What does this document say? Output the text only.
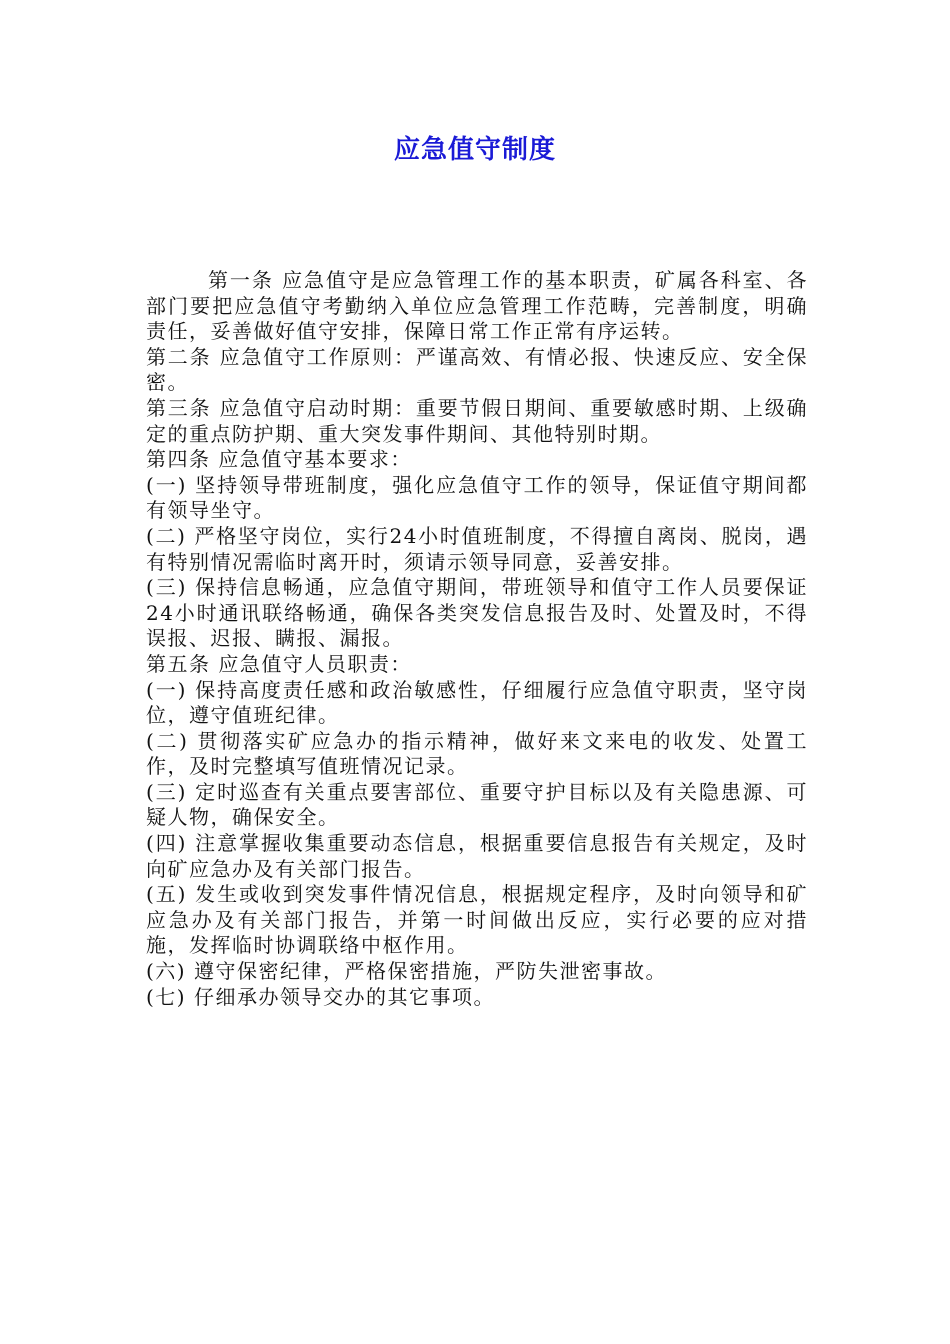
应急值守制度

第一条 应急值守是应急管理工作的基本职责，矿属各科室、各部门要把应急值守考勤纳入单位应急管理工作范畴，完善制度，明确责任，妥善做好值守安排，保障日常工作正常有序运转。

第二条 应急值守工作原则：严谨高效、有情必报、快速反应、安全保密。

第三条 应急值守启动时期：重要节假日期间、重要敏感时期、上级确定的重点防护期、重大突发事件期间、其他特别时期。

第四条 应急值守基本要求：

(一) 坚持领导带班制度，强化应急值守工作的领导，保证值守期间都有领导坐守。

(二) 严格坚守岗位，实行24小时值班制度，不得擅自离岗、脱岗，遇有特别情况需临时离开时，须请示领导同意，妥善安排。

(三) 保持信息畅通，应急值守期间，带班领导和值守工作人员要保证24小时通讯联络畅通，确保各类突发信息报告及时、处置及时，不得误报、迟报、瞒报、漏报。

第五条 应急值守人员职责：

(一) 保持高度责任感和政治敏感性，仔细履行应急值守职责，坚守岗位，遵守值班纪律。

(二) 贯彻落实矿应急办的指示精神，做好来文来电的收发、处置工作，及时完整填写值班情况记录。

(三) 定时巡查有关重点要害部位、重要守护目标以及有关隐患源、可疑人物，确保安全。

(四) 注意掌握收集重要动态信息，根据重要信息报告有关规定，及时向矿应急办及有关部门报告。

(五) 发生或收到突发事件情况信息，根据规定程序，及时向领导和矿应急办及有关部门报告，并第一时间做出反应，实行必要的应对措施，发挥临时协调联络中枢作用。

(六) 遵守保密纪律，严格保密措施，严防失泄密事故。

(七) 仔细承办领导交办的其它事项。
